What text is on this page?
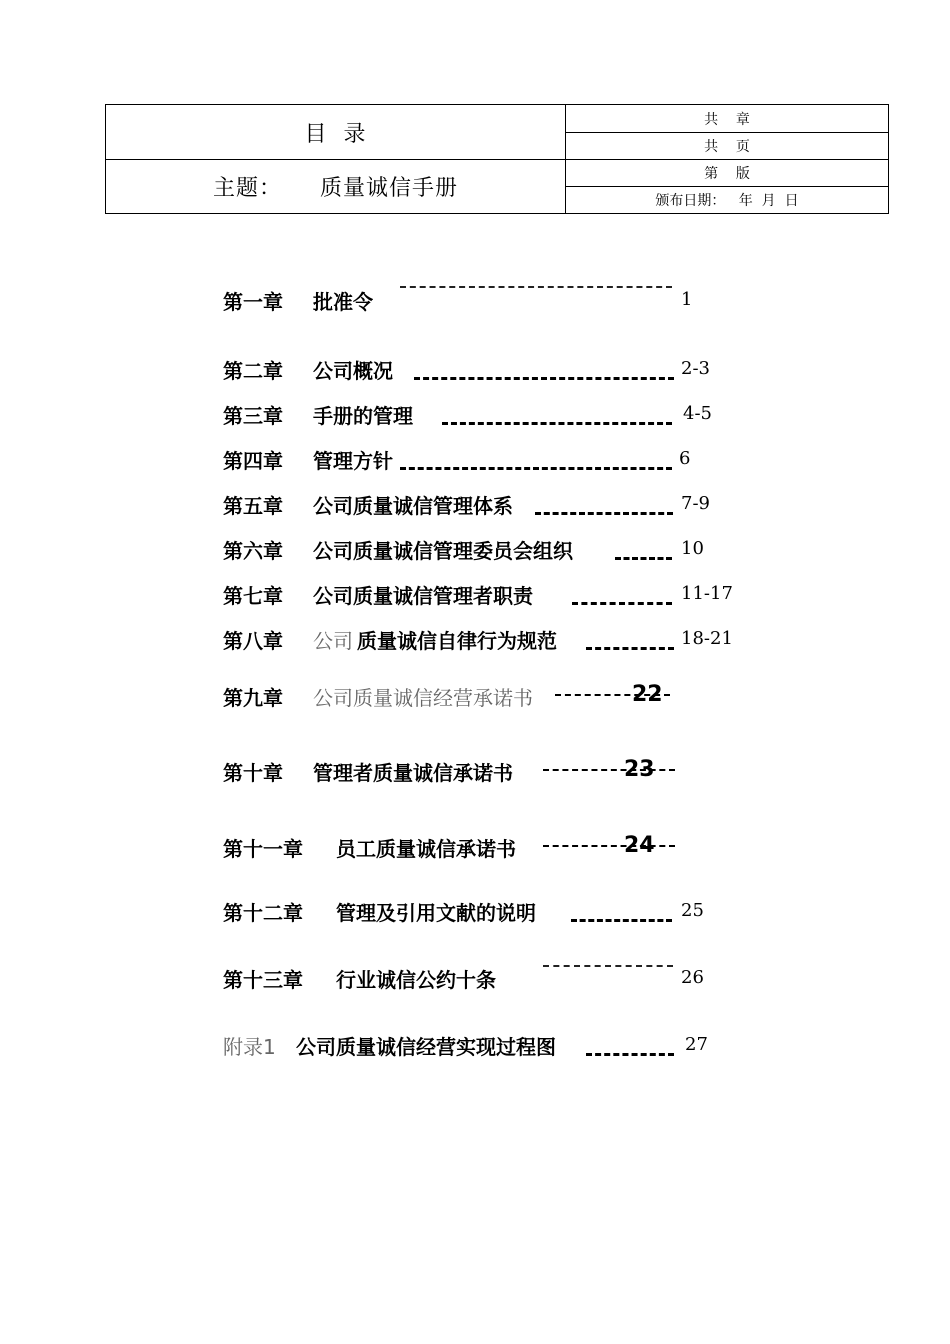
目  录
主题： 质量诚信手册
共    章
共    页
第    版
颁布日期：   年  月  日
第一章 批准令	1
第二章 公司概况	2-3
第三章 手册的管理	4-5
第四章 管理方针	6
第五章 公司质量诚信管理体系	7-9
第六章 公司质量诚信管理委员会组织	10
第七章 公司质量诚信管理者职责	11-17
第八章 公司 质量诚信自律行为规范	18-21
第九章 公司质量诚信经营承诺书	22
第十章 管理者质量诚信承诺书	23
第十一章 员工质量诚信承诺书	24
第十二章 管理及引用文献的说明	25
第十三章 行业诚信公约十条	26
附录1 公司质量诚信经营实现过程图	27
